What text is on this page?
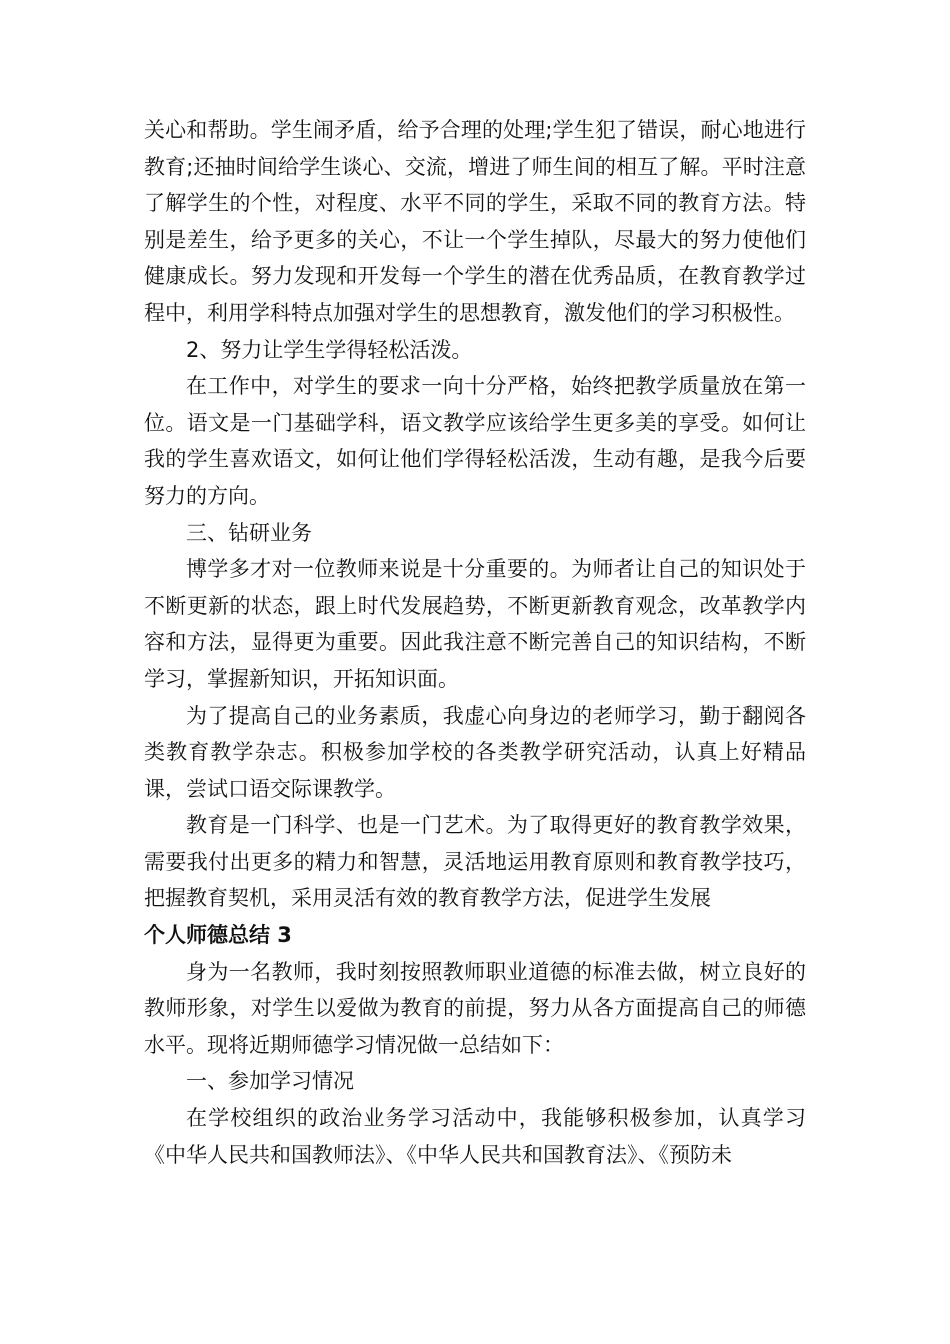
关心和帮助。学生闹矛盾，给予合理的处理;学生犯了错误，耐心地进行教育;还抽时间给学生谈心、交流，增进了师生间的相互了解。平时注意了解学生的个性，对程度、水平不同的学生，采取不同的教育方法。特别是差生，给予更多的关心，不让一个学生掉队，尽最大的努力使他们健康成长。努力发现和开发每一个学生的潜在优秀品质，在教育教学过程中，利用学科特点加强对学生的思想教育，激发他们的学习积极性。

2、努力让学生学得轻松活泼。

在工作中，对学生的要求一向十分严格，始终把教学质量放在第一位。语文是一门基础学科，语文教学应该给学生更多美的享受。如何让我的学生喜欢语文，如何让他们学得轻松活泼，生动有趣，是我今后要努力的方向。

三、钻研业务

博学多才对一位教师来说是十分重要的。为师者让自己的知识处于不断更新的状态，跟上时代发展趋势，不断更新教育观念，改革教学内容和方法，显得更为重要。因此我注意不断完善自己的知识结构，不断学习，掌握新知识，开拓知识面。

为了提高自己的业务素质，我虚心向身边的老师学习，勤于翻阅各类教育教学杂志。积极参加学校的各类教学研究活动，认真上好精品课，尝试口语交际课教学。

教育是一门科学、也是一门艺术。为了取得更好的教育教学效果，需要我付出更多的精力和智慧，灵活地运用教育原则和教育教学技巧，把握教育契机，采用灵活有效的教育教学方法，促进学生发展

个人师德总结 3

身为一名教师，我时刻按照教师职业道德的标准去做，树立良好的教师形象，对学生以爱做为教育的前提，努力从各方面提高自己的师德水平。现将近期师德学习情况做一总结如下：

一、参加学习情况

在学校组织的政治业务学习活动中，我能够积极参加，认真学习《中华人民共和国教师法》、《中华人民共和国教育法》、《预防未
